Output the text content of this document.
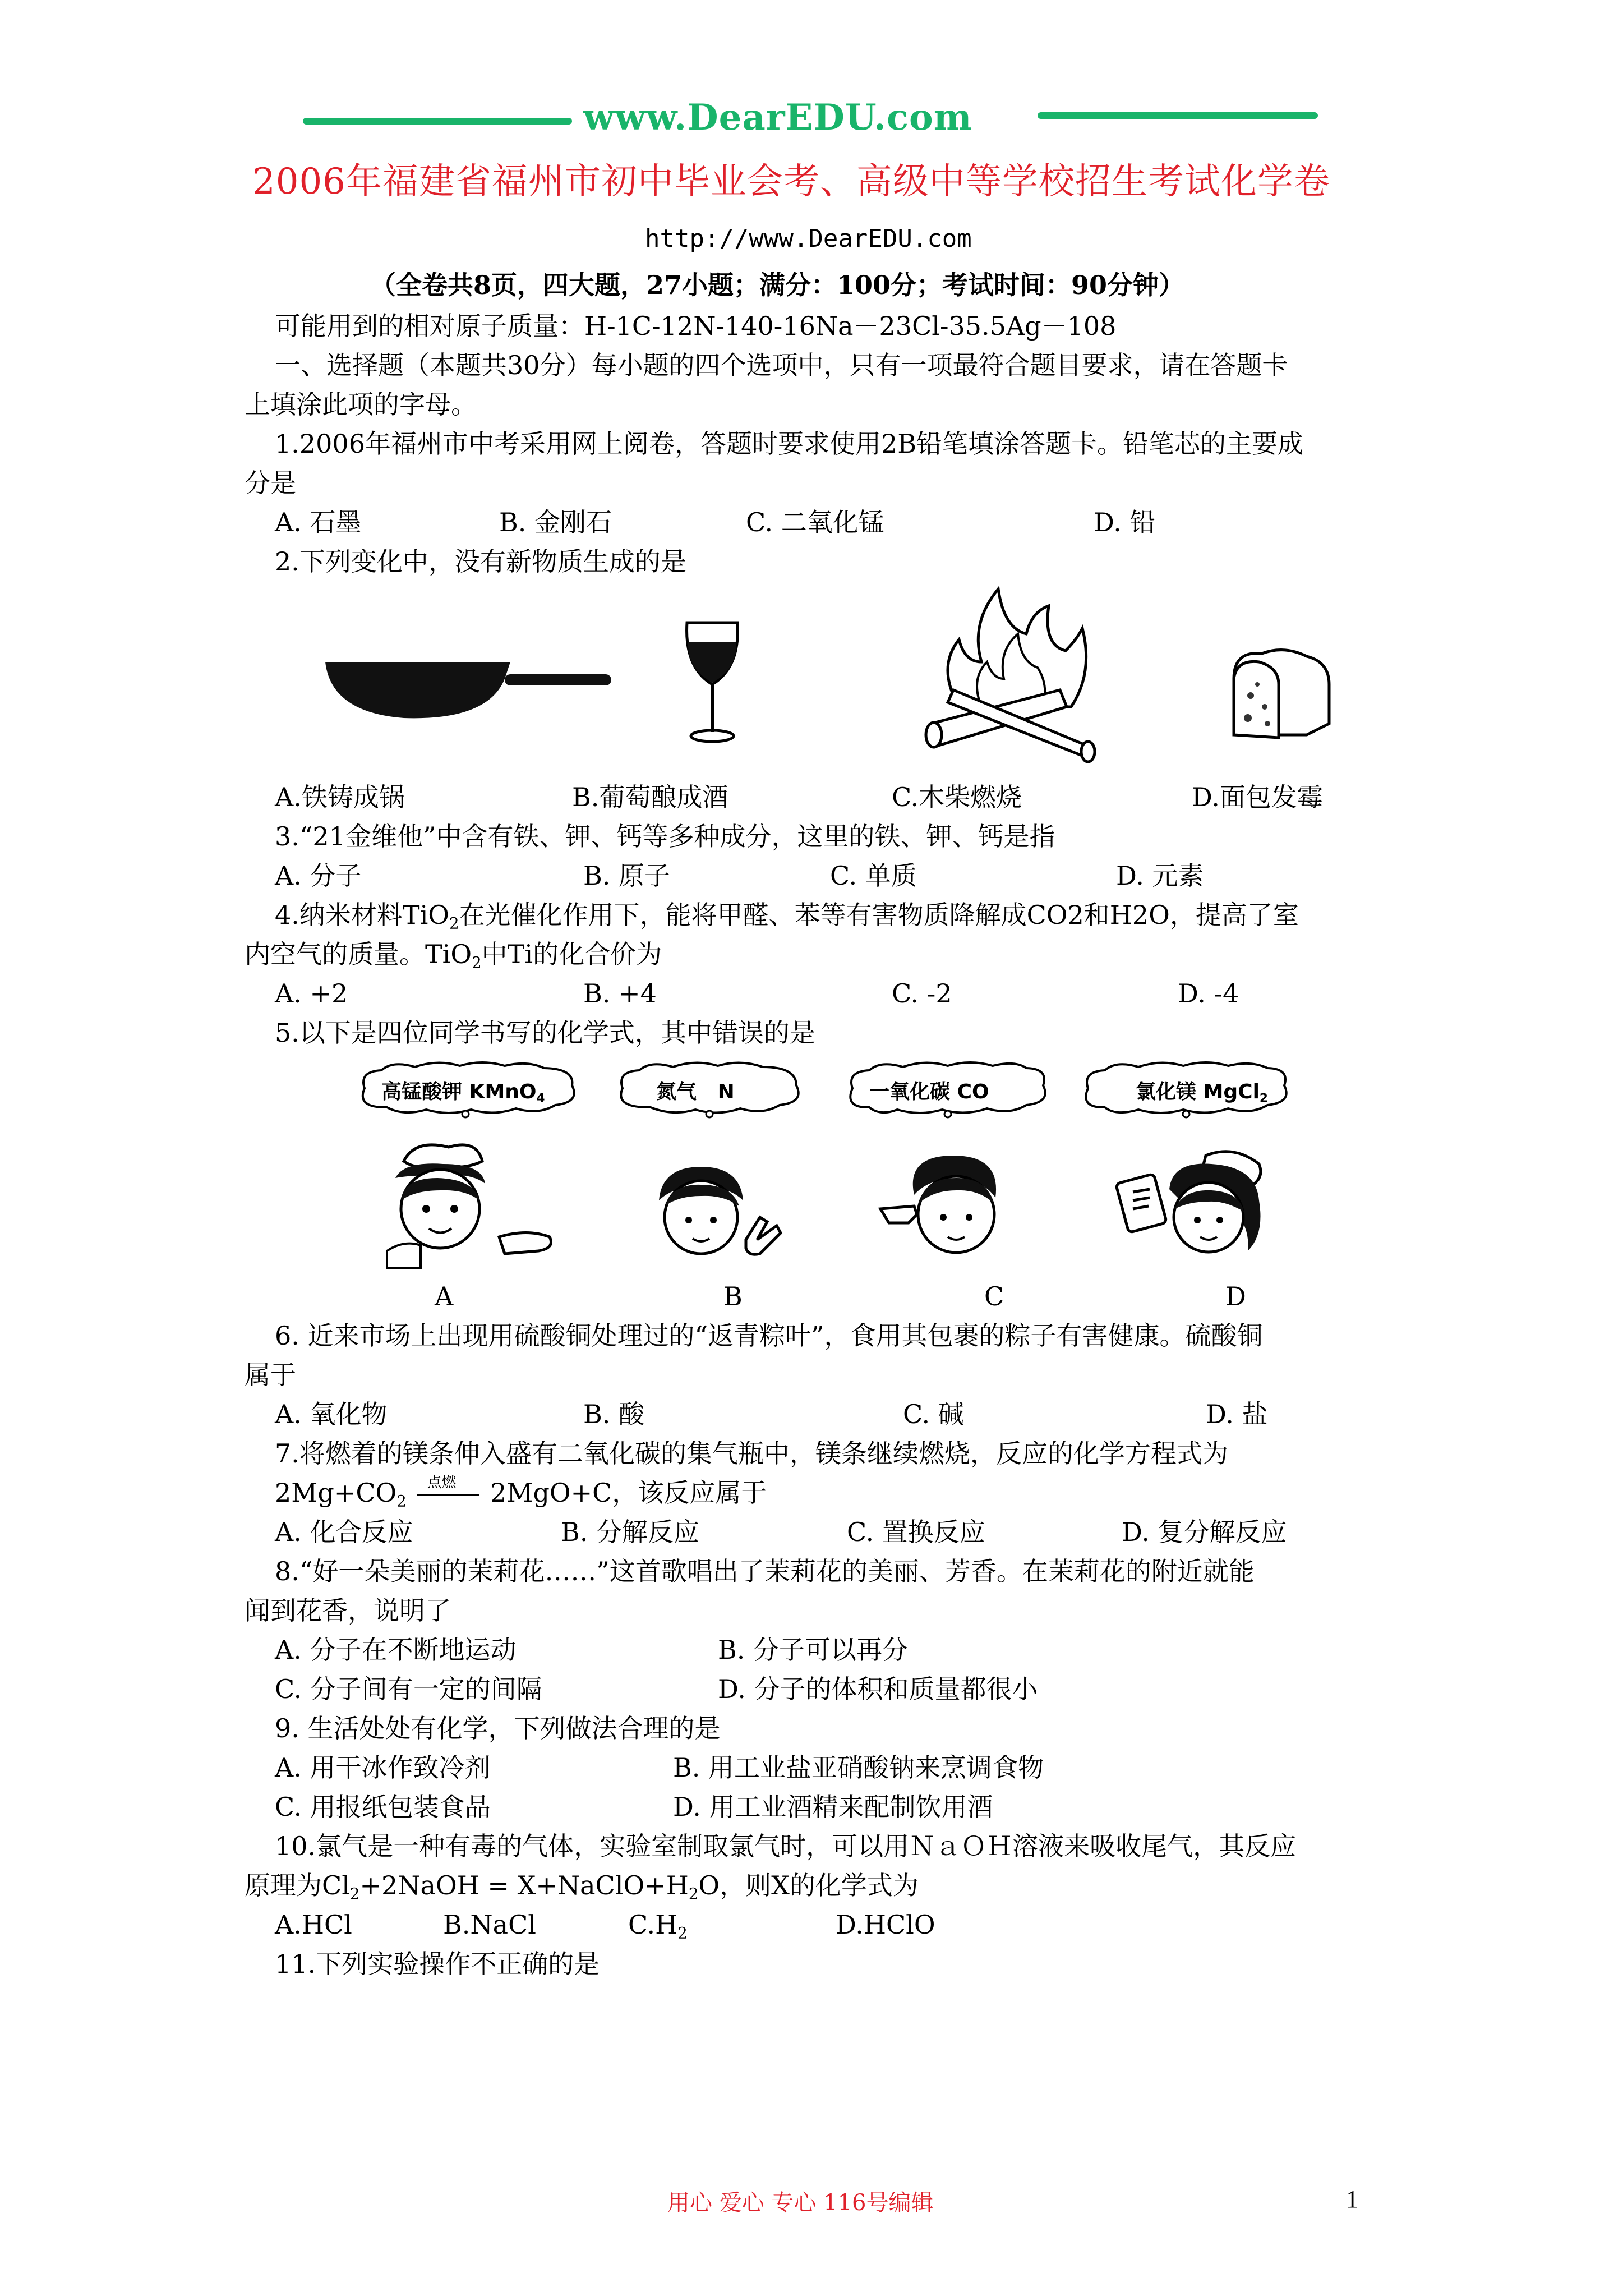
www.DearEDU.com
2006年福建省福州市初中毕业会考、高级中等学校招生考试化学卷
http://www.DearEDU.com
（全卷共8页，四大题，27小题；满分：100分；考试时间：90分钟）
可能用到的相对原子质量：H-1C-12N-140-16Na－23Cl-35.5Ag－108
一、选择题（本题共30分）每小题的四个选项中，只有一项最符合题目要求，请在答题卡
上填涂此项的字母。
1.2006年福州市中考采用网上阅卷，答题时要求使用2B铅笔填涂答题卡。铅笔芯的主要成
分是
A. 石墨	B. 金刚石	C. 二氧化锰	D. 铅
2.下列变化中，没有新物质生成的是
A.铁铸成锅	B.葡萄酿成酒	C.木柴燃烧	D.面包发霉
3.“21金维他”中含有铁、钾、钙等多种成分，这里的铁、钾、钙是指
A. 分子	B. 原子	C. 单质	D. 元素
4.纳米材料TiO$_2$在光催化作用下，能将甲醛、苯等有害物质降解成CO2和H2O，提高了室
内空气的质量。TiO$_2$中Ti的化合价为
A. +2	B. +4	C. -2	D. -4
5.以下是四位同学书写的化学式，其中错误的是
高锰酸钾 KMnO$_4$	氮气 N	一氧化碳 CO	氯化镁 MgCl$_2$
A	B	C	D
6. 近来市场上出现用硫酸铜处理过的“返青粽叶”，食用其包裹的粽子有害健康。硫酸铜
属于
A. 氧化物	B. 酸	C. 碱	D. 盐
7.将燃着的镁条伸入盛有二氧化碳的集气瓶中，镁条继续燃烧，反应的化学方程式为
$2Mg+CO_2$
点燃 2MgO+C，该反应属于
A. 化合反应	B. 分解反应	C. 置换反应	D. 复分解反应
8.“好一朵美丽的茉莉花……”这首歌唱出了茉莉花的美丽、芳香。在茉莉花的附近就能
闻到花香，说明了
A. 分子在不断地运动	B. 分子可以再分
C. 分子间有一定的间隔	D. 分子的体积和质量都很小
9. 生活处处有化学，下列做法合理的是
A. 用干冰作致冷剂	B. 用工业盐亚硝酸钠来烹调食物
C. 用报纸包装食品	D. 用工业酒精来配制饮用酒
10.氯气是一种有毒的气体，实验室制取氯气时，可以用ＮａＯＨ溶液来吸收尾气，其反应
原理为$Cl_2+2NaOH$ = $X+NaClO+H_2O$，则X的化学式为
A.HCl	B.NaCl	$C.H_2$	D.HClO
11.下列实验操作不正确的是
用心 爱心 专心 116号编辑	1
